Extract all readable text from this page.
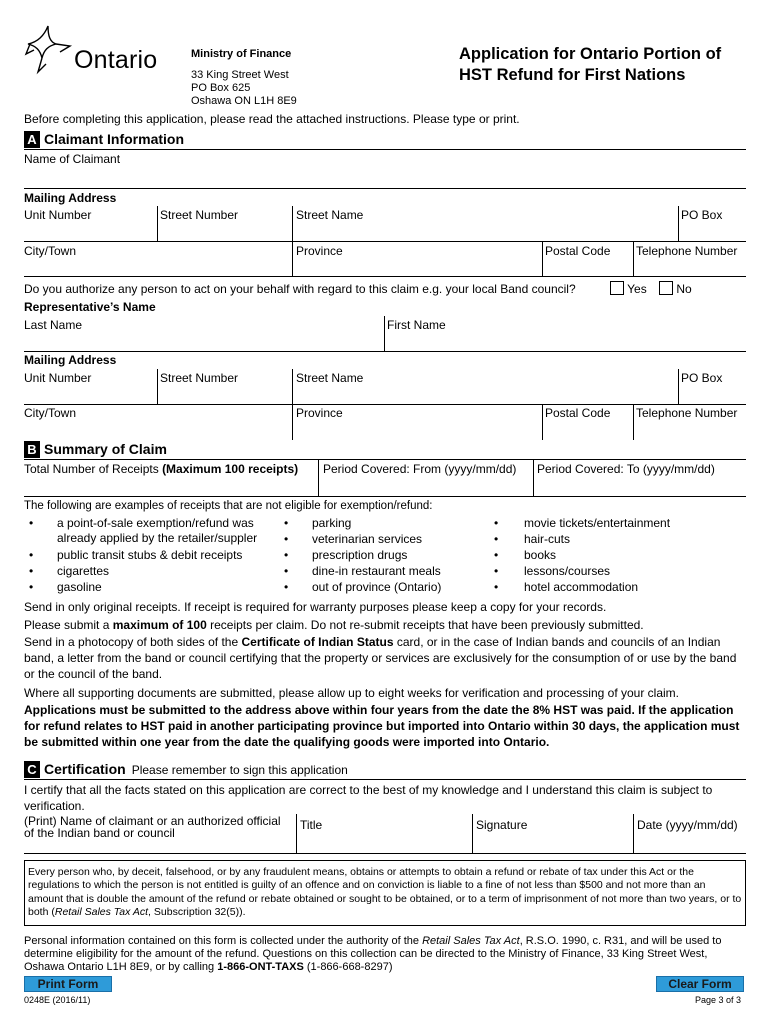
Ontario	Ministry of Finance
33 King Street West
PO Box 625
Oshawa ON L1H 8E9
Application for Ontario Portion of
HST Refund for First Nations
Before completing this application, please read the attached instructions. Please type or print.
A Claimant Information
Name of Claimant
Mailing Address
Unit Number	Street Number	Street Name	PO Box
City/Town	Province	Postal Code Telephone Number
Do you authorize any person to act on your behalf with regard to this claim e.g. your local Band council?	Yes	No
Representative’s Name
Last Name	First Name
Mailing Address
Unit Number	Street Number	Street Name	PO Box
City/Town	Province	Postal Code Telephone Number
B Summary of Claim
Total Number of Receipts (Maximum 100 receipts) Period Covered: From (yyyy/mm/dd) Period Covered: To (yyyy/mm/dd)
The following are examples of receipts that are not eligible for exemption/refund:
• a point-of-sale exemption/refund was
already applied by the retailer/suppler
• public transit stubs & debit receipts
• cigarettes
• gasoline
• parking
• veterinarian services
• prescription drugs
• dine-in restaurant meals
• out of province (Ontario)
• movie tickets/entertainment
• hair-cuts
• books
• lessons/courses
• hotel accommodation
Send in only original receipts. If receipt is required for warranty purposes please keep a copy for your records.
Please submit a maximum of 100 receipts per claim. Do not re-submit receipts that have been previously submitted.
Send in a photocopy of both sides of the Certificate of Indian Status card, or in the case of Indian bands and councils of an Indian band, a letter from the band or council certifying that the property or services are exclusively for the consumption of or use by the band or the council of the band.
Where all supporting documents are submitted, please allow up to eight weeks for verification and processing of your claim.
Applications must be submitted to the address above within four years from the date the 8% HST was paid. If the application for refund relates to HST paid in another participating province but imported into Ontario within 30 days, the application must be submitted within one year from the date the qualifying goods were imported into Ontario.
C Certification Please remember to sign this application
I certify that all the facts stated on this application are correct to the best of my knowledge and I understand this claim is subject to verification.
(Print) Name of claimant or an authorized official
of the Indian band or council
Title	Signature	Date (yyyy/mm/dd)
Every person who, by deceit, falsehood, or by any fraudulent means, obtains or attempts to obtain a refund or rebate of tax under this Act or the regulations to which the person is not entitled is guilty of an offence and on conviction is liable to a fine of not less than $500 and not more than an amount that is double the amount of the refund or rebate obtained or sought to be obtained, or to a term of imprisonment of not more than two years, or to both (Retail Sales Tax Act, Subscription 32(5)).
Personal information contained on this form is collected under the authority of the Retail Sales Tax Act, R.S.O. 1990, c. R31, and will be used to determine eligibility for the amount of the refund. Questions on this collection can be directed to the Ministry of Finance, 33 King Street West, Oshawa Ontario L1H 8E9, or by calling 1-866-ONT-TAXS (1-866-668-8297)
Print Form	Clear Form
0248E (2016/11)	Page 3 of 3
